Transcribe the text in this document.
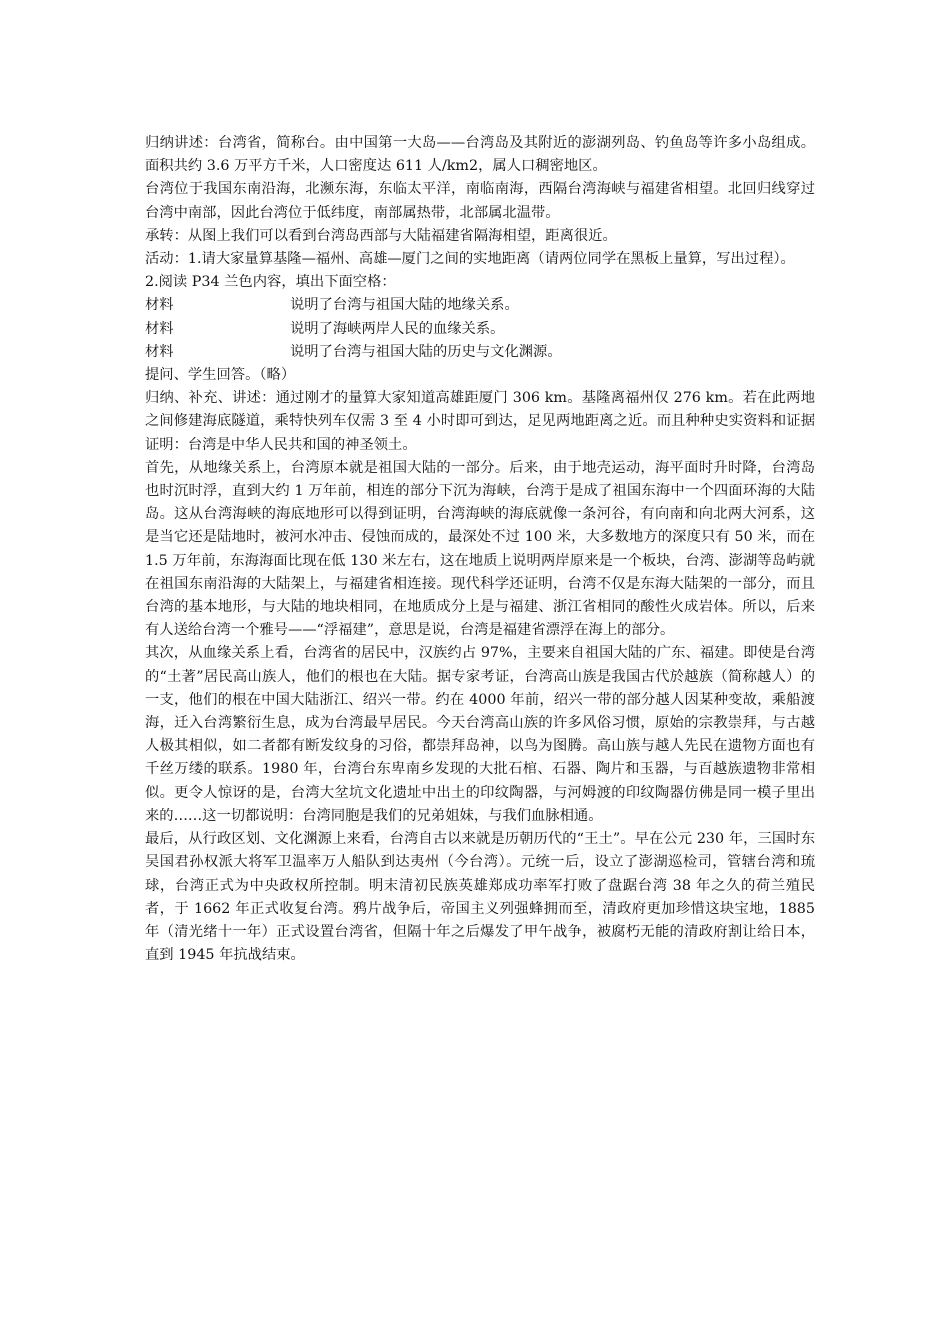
归纳讲述：台湾省，简称台。由中国第一大岛——台湾岛及其附近的澎湖列岛、钓鱼岛等许多小岛组成。面积共约 3.6 万平方千米，人口密度达 611 人/km2，属人口稠密地区。

台湾位于我国东南沿海，北濒东海，东临太平洋，南临南海，西隔台湾海峡与福建省相望。北回归线穿过台湾中南部，因此台湾位于低纬度，南部属热带，北部属北温带。

承转：从图上我们可以看到台湾岛西部与大陆福建省隔海相望，距离很近。

活动：1.请大家量算基隆—福州、高雄—厦门之间的实地距离（请两位同学在黑板上量算，写出过程）。

2.阅读 P34 兰色内容，填出下面空格：

材料	说明了台湾与祖国大陆的地缘关系。
材料	说明了海峡两岸人民的血缘关系。
材料	说明了台湾与祖国大陆的历史与文化渊源。

提问、学生回答。（略）

归纳、补充、讲述：通过刚才的量算大家知道高雄距厦门 306 km。基隆离福州仅 276 km。若在此两地之间修建海底隧道，乘特快列车仅需 3 至 4 小时即可到达，足见两地距离之近。而且种种史实资料和证据证明：台湾是中华人民共和国的神圣领土。

首先，从地缘关系上，台湾原本就是祖国大陆的一部分。后来，由于地壳运动，海平面时升时降，台湾岛也时沉时浮，直到大约 1 万年前，相连的部分下沉为海峡，台湾于是成了祖国东海中一个四面环海的大陆岛。这从台湾海峡的海底地形可以得到证明，台湾海峡的海底就像一条河谷，有向南和向北两大河系，这是当它还是陆地时，被河水冲击、侵蚀而成的，最深处不过 100 米，大多数地方的深度只有 50 米，而在 1.5 万年前，东海海面比现在低 130 米左右，这在地质上说明两岸原来是一个板块，台湾、澎湖等岛屿就在祖国东南沿海的大陆架上，与福建省相连接。现代科学还证明，台湾不仅是东海大陆架的一部分，而且台湾的基本地形，与大陆的地块相同，在地质成分上是与福建、浙江省相同的酸性火成岩体。所以，后来有人送给台湾一个雅号——“浮福建”，意思是说，台湾是福建省漂浮在海上的部分。

其次，从血缘关系上看，台湾省的居民中，汉族约占 97%，主要来自祖国大陆的广东、福建。即使是台湾的“土著”居民高山族人，他们的根也在大陆。据专家考证，台湾高山族是我国古代於越族（简称越人）的一支，他们的根在中国大陆浙江、绍兴一带。约在 4000 年前，绍兴一带的部分越人因某种变故，乘船渡海，迁入台湾繁衍生息，成为台湾最早居民。今天台湾高山族的许多风俗习惯，原始的宗教崇拜，与古越人极其相似，如二者都有断发纹身的习俗，都崇拜岛神，以鸟为图腾。高山族与越人先民在遗物方面也有千丝万缕的联系。1980 年，台湾台东卑南乡发现的大批石棺、石器、陶片和玉器，与百越族遗物非常相似。更令人惊讶的是，台湾大坌坑文化遗址中出土的印纹陶器，与河姆渡的印纹陶器仿佛是同一模子里出来的……这一切都说明：台湾同胞是我们的兄弟姐妹，与我们血脉相通。

最后，从行政区划、文化渊源上来看，台湾自古以来就是历朝历代的“王土”。早在公元 230 年，三国时东吴国君孙权派大将军卫温率万人船队到达夷州（今台湾）。元统一后，设立了澎湖巡检司，管辖台湾和琉球，台湾正式为中央政权所控制。明末清初民族英雄郑成功率军打败了盘踞台湾 38 年之久的荷兰殖民者，于 1662 年正式收复台湾。鸦片战争后，帝国主义列强蜂拥而至，清政府更加珍惜这块宝地，1885 年（清光绪十一年）正式设置台湾省，但隔十年之后爆发了甲午战争，被腐朽无能的清政府割让给日本，直到 1945 年抗战结束。
